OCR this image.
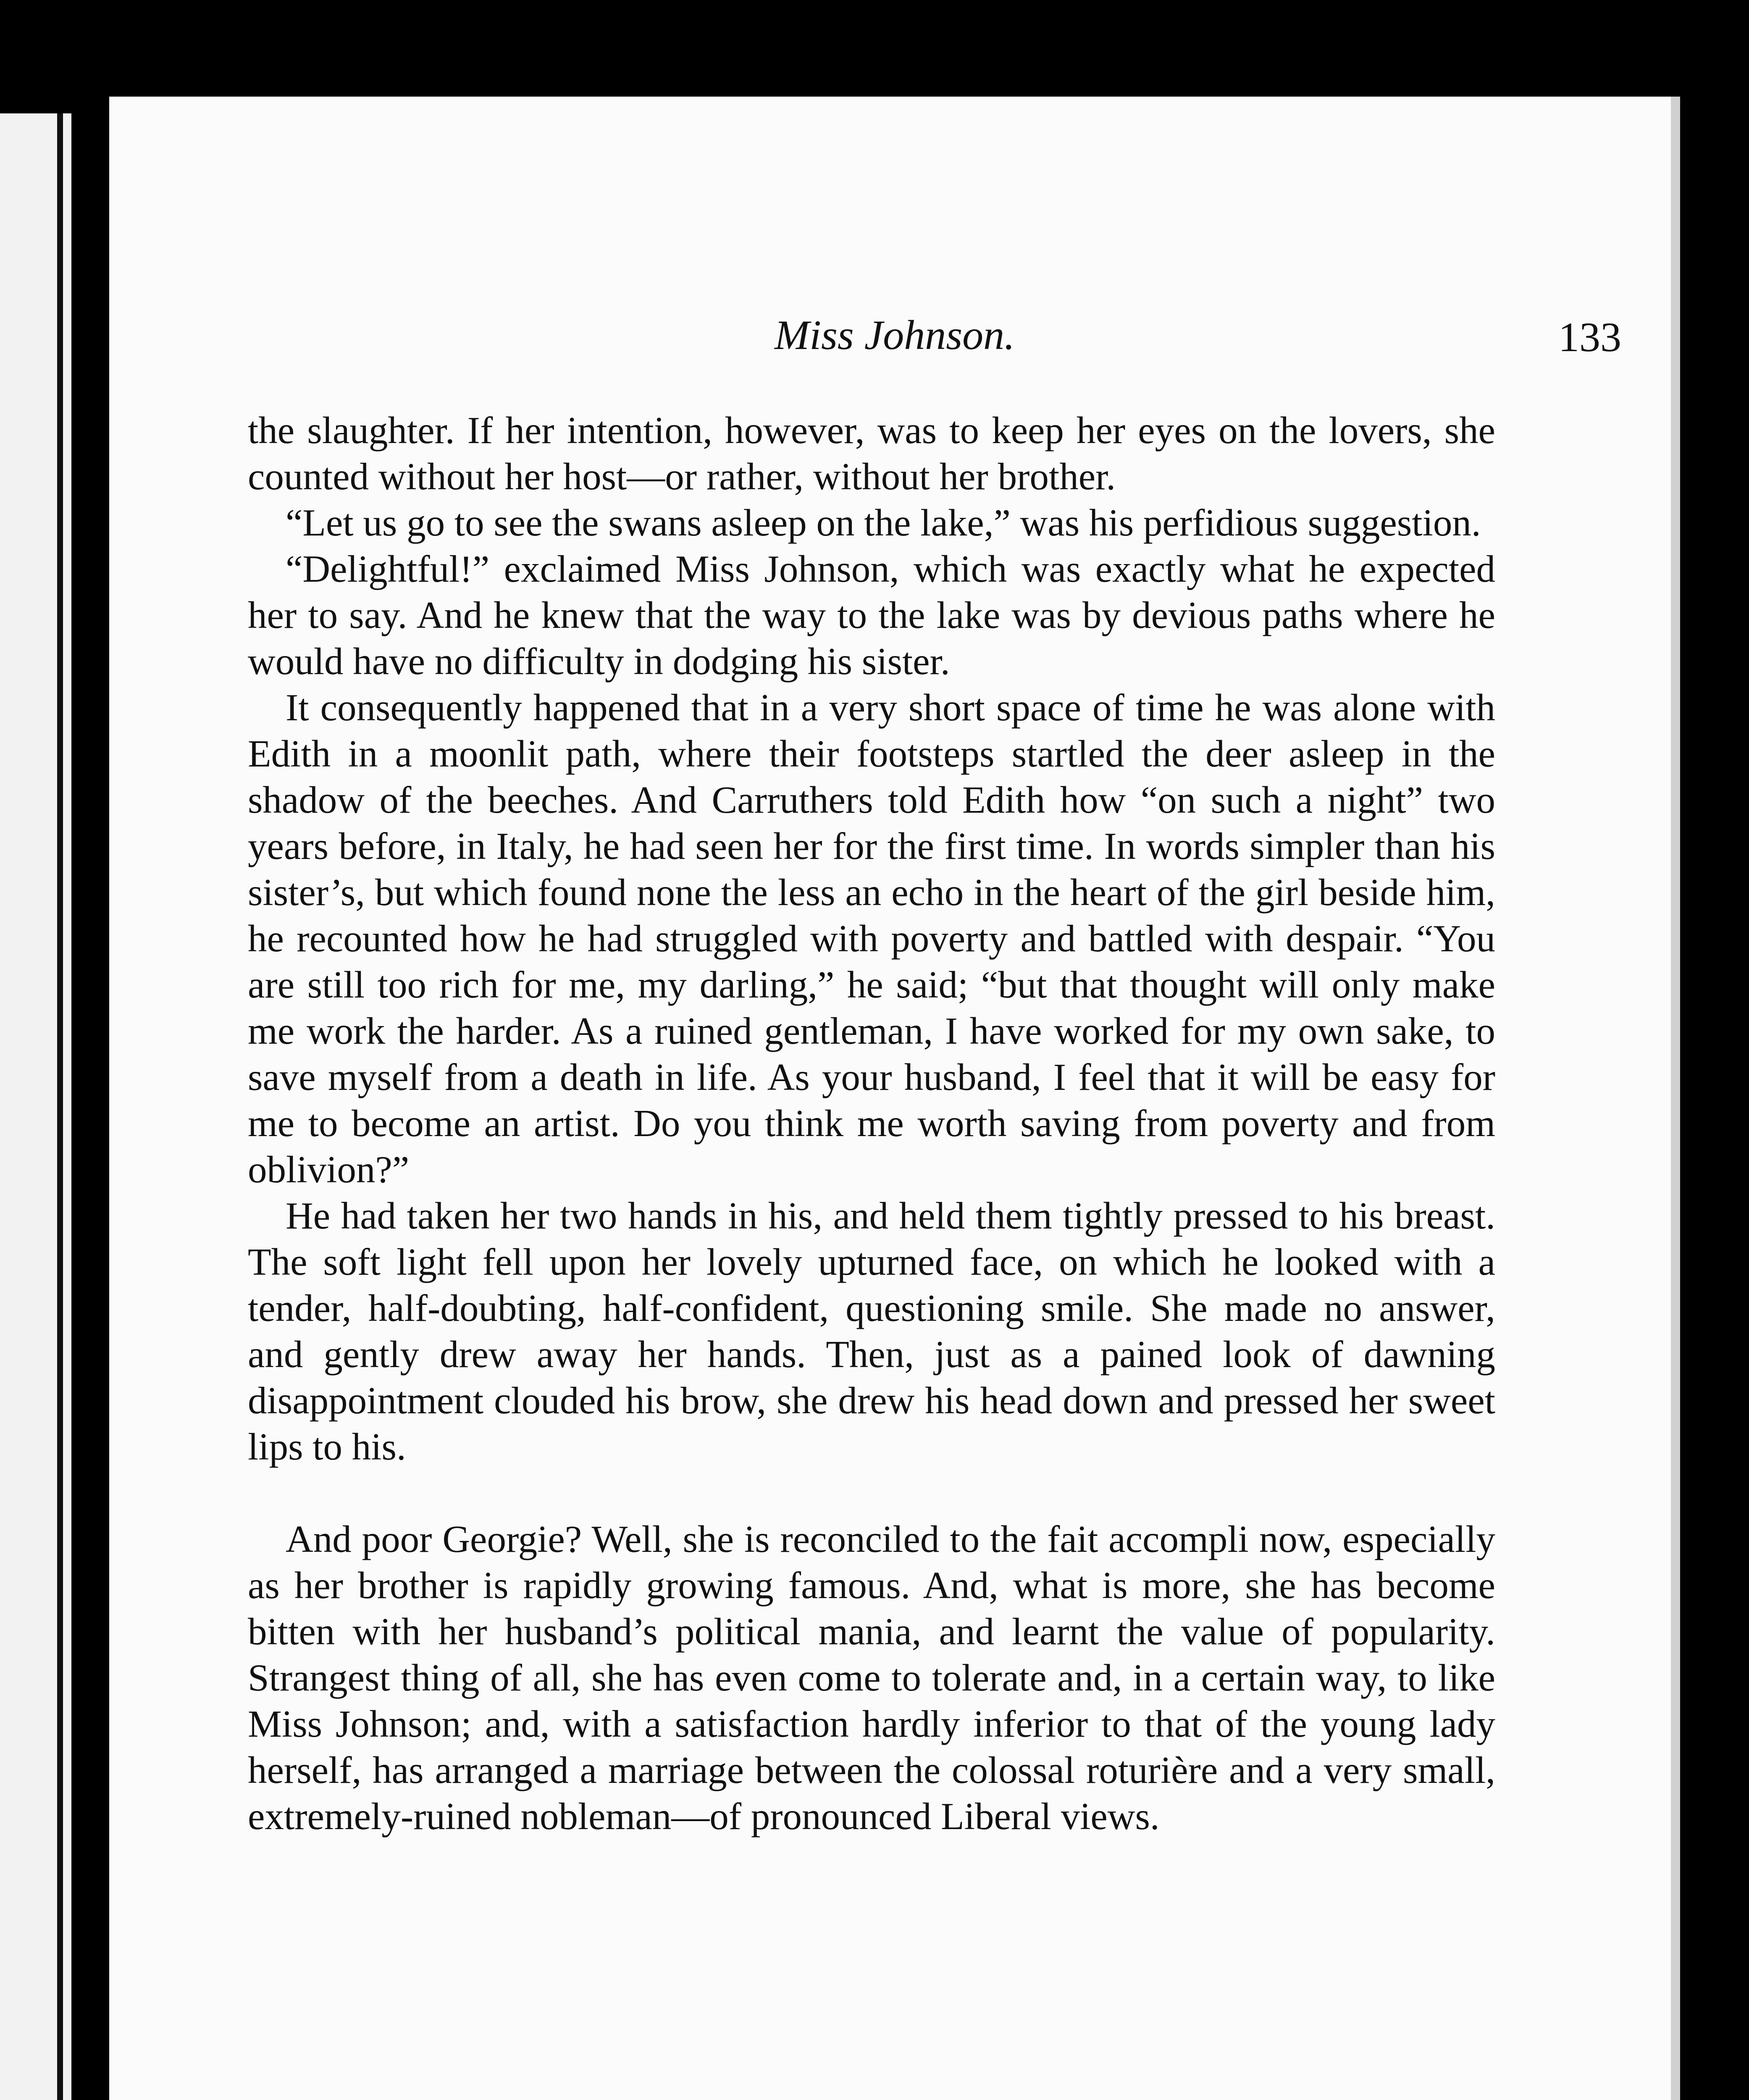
Miss Johnson.	133

the slaughter. If her intention, however, was to keep her eyes on the lovers, she counted without her host—or rather, without her brother.

“Let us go to see the swans asleep on the lake,” was his perfidious suggestion.

“Delightful!” exclaimed Miss Johnson, which was exactly what he expected her to say. And he knew that the way to the lake was by devious paths where he would have no difficulty in dodging his sister.

It consequently happened that in a very short space of time he was alone with Edith in a moonlit path, where their footsteps startled the deer asleep in the shadow of the beeches. And Carruthers told Edith how “on such a night” two years before, in Italy, he had seen her for the first time. In words simpler than his sister’s, but which found none the less an echo in the heart of the girl beside him, he recounted how he had struggled with poverty and battled with despair. “You are still too rich for me, my darling,” he said; “but that thought will only make me work the harder. As a ruined gentleman, I have worked for my own sake, to save myself from a death in life. As your husband, I feel that it will be easy for me to become an artist. Do you think me worth saving from poverty and from oblivion?”

He had taken her two hands in his, and held them tightly pressed to his breast. The soft light fell upon her lovely upturned face, on which he looked with a tender, half-doubting, half-confident, questioning smile. She made no answer, and gently drew away her hands. Then, just as a pained look of dawning disappointment clouded his brow, she drew his head down and pressed her sweet lips to his.

And poor Georgie? Well, she is reconciled to the fait accompli now, especially as her brother is rapidly growing famous. And, what is more, she has become bitten with her husband’s political mania, and learnt the value of popularity. Strangest thing of all, she has even come to tolerate and, in a certain way, to like Miss Johnson; and, with a satisfaction hardly inferior to that of the young lady herself, has arranged a marriage between the colossal roturière and a very small, extremely-ruined nobleman—of pronounced Liberal views.
